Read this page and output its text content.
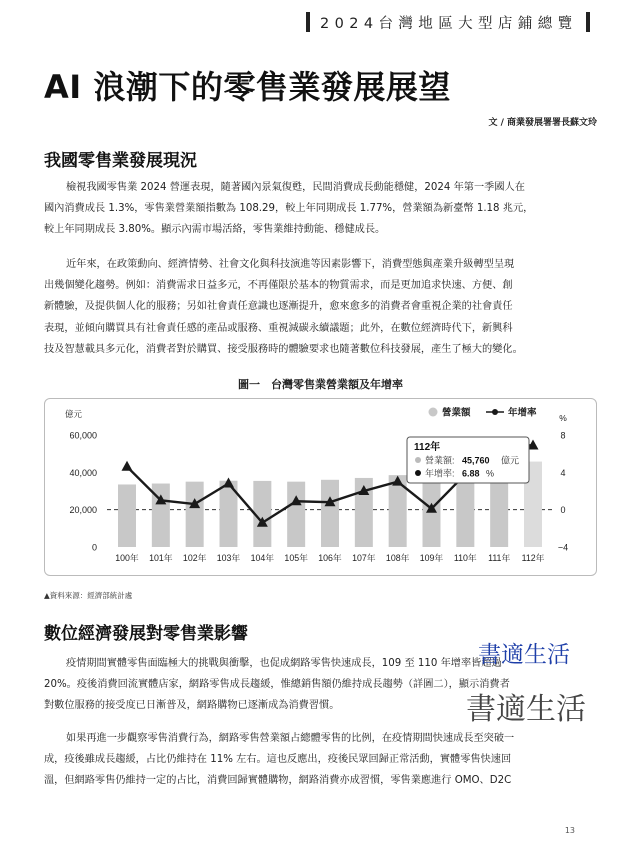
2024台灣地區大型店鋪總覽
AI 浪潮下的零售業發展展望
文 / 商業發展署署長蘇文玲
我國零售業發展現況
檢視我國零售業 2024 營運表現，隨著國內景氣復甦，民間消費成長動能穩健，2024 年第一季國人在
國內消費成長 1.3%，零售業營業額指數為 108.29，較上年同期成長 1.77%，營業額為新臺幣 1.18 兆元，
較上年同期成長 3.80%。顯示內需市場活絡，零售業維持動能、穩健成長。
近年來，在政策動向、經濟情勢、社會文化與科技演進等因素影響下，消費型態與產業升級轉型呈現
出幾個變化趨勢。例如：消費需求日益多元，不再僅限於基本的物質需求，而是更加追求快速、方便、創
新體驗，及提供個人化的服務；另如社會責任意識也逐漸提升，愈來愈多的消費者會重視企業的社會責任
表現，並傾向購買具有社會責任感的產品或服務、重視減碳永續議題；此外，在數位經濟時代下，新興科
技及智慧載具多元化，消費者對於購買、接受服務時的體驗要求也隨著數位科技發展，產生了極大的變化。
圖一　台灣零售業營業額及年增率
0
20,000
40,000
60,000
億元
−4
0
4
8
%
100年 101年 102年 103年 104年 105年 106年 107年 108年 109年 110年 111年 112年
營業額	年增率
112年
營業額: 45,760 億元
年增率: 6.88 %
▲資料來源：經濟部統計處
數位經濟發展對零售業影響
疫情期間實體零售面臨極大的挑戰與衝擊，也促成網路零售快速成長，109 至 110 年增率皆超過
20%。疫後消費回流實體店家，網路零售成長趨緩，惟總銷售額仍維持成長趨勢（詳圖二），顯示消費者
對數位服務的接受度已日漸普及，網路購物已逐漸成為消費習慣。
如果再進一步觀察零售消費行為，網路零售營業額占總體零售的比例，在疫情期間快速成長至突破一
成，疫後雖成長趨緩，占比仍維持在 11% 左右。這也反應出，疫後民眾回歸正常活動，實體零售快速回
溫，但網路零售仍維持一定的占比，消費回歸實體購物，網路消費亦成習慣，零售業應進行 OMO、D2C
書適生活
書適生活
13
